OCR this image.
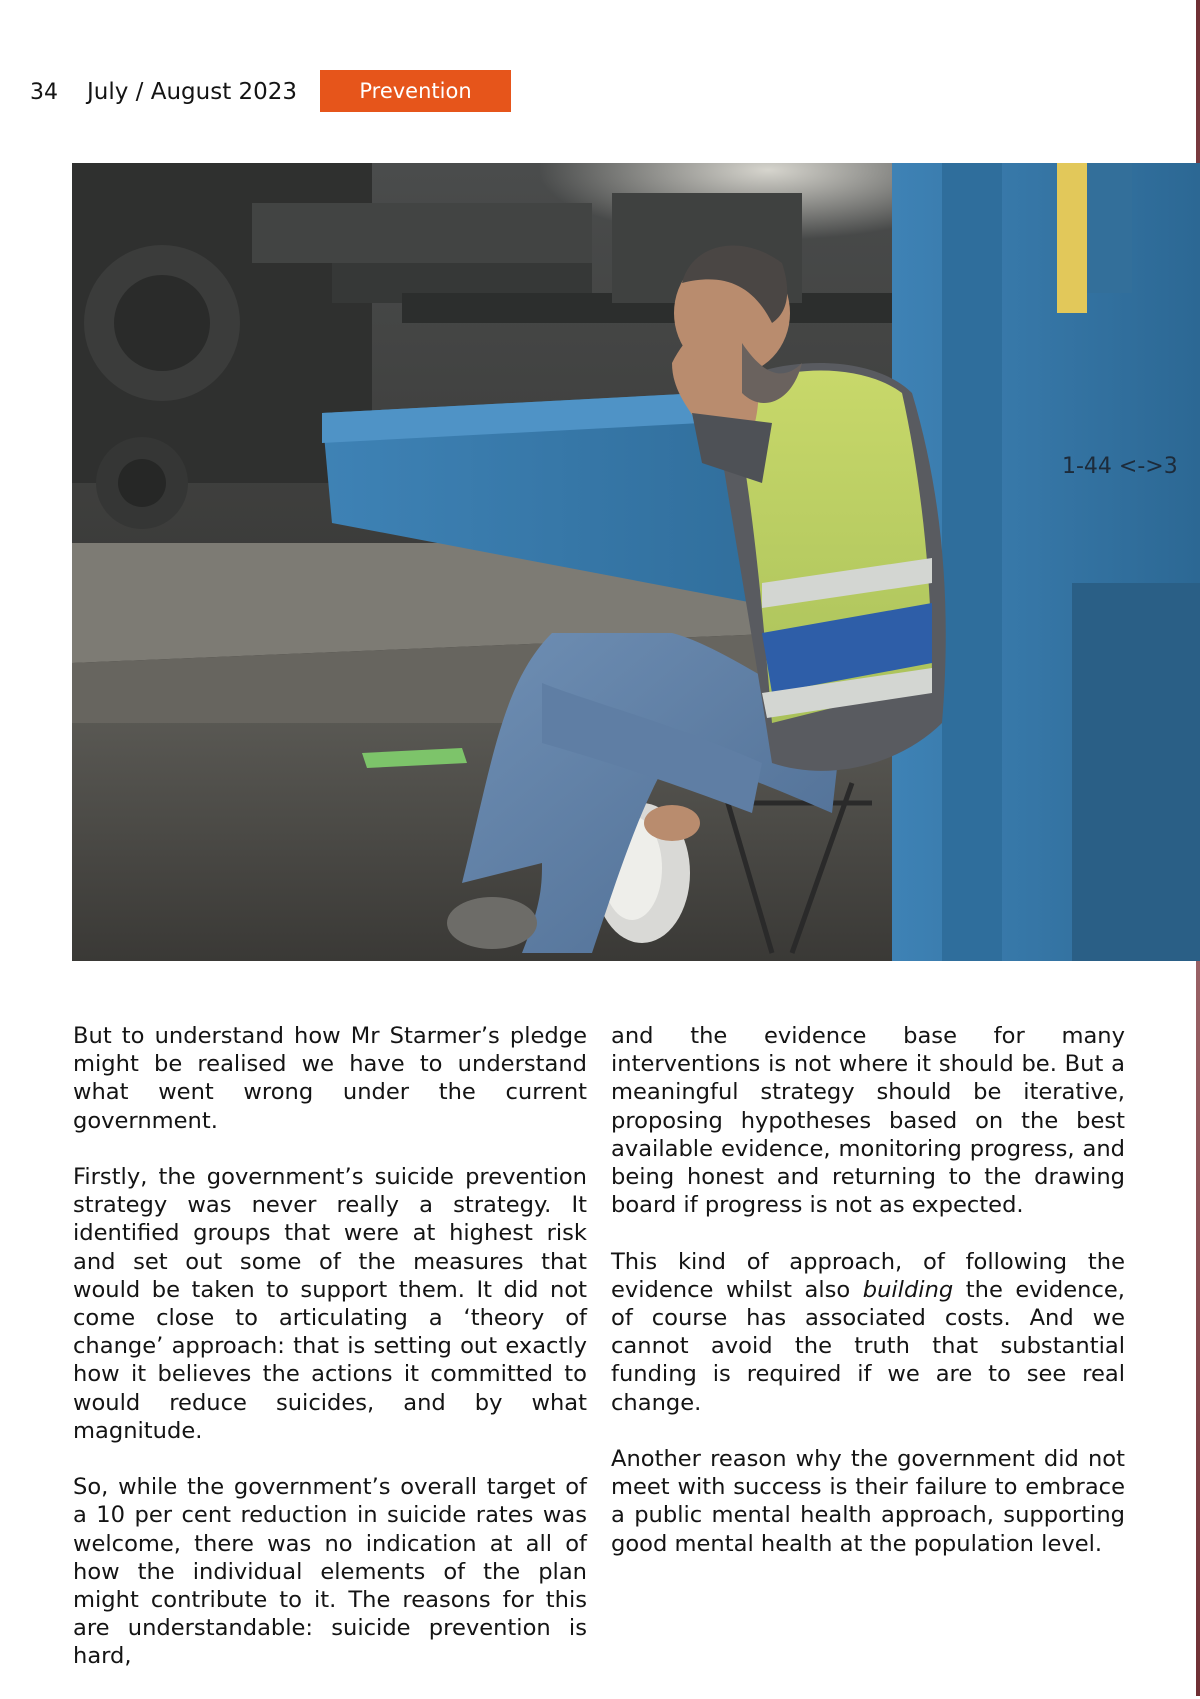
34 July / August 2023	Prevention
1-44 <->3

But to understand how Mr Starmer’s pledge might be realised we have to understand what went wrong under the current government.

Firstly, the government’s suicide prevention strategy was never really a strategy. It identified groups that were at highest risk and set out some of the measures that would be taken to support them. It did not come close to articulating a ‘theory of change’ approach: that is setting out exactly how it believes the actions it committed to would reduce suicides, and by what magnitude.

So, while the government’s overall target of a 10 per cent reduction in suicide rates was welcome, there was no indication at all of how the individual elements of the plan might contribute to it. The reasons for this are understandable: suicide prevention is hard,

and the evidence base for many interventions is not where it should be. But a meaningful strategy should be iterative, proposing hypotheses based on the best available evidence, monitoring progress, and being honest and returning to the drawing board if progress is not as expected.

This kind of approach, of following the evidence whilst also building the evidence, of course has associated costs. And we cannot avoid the truth that substantial funding is required if we are to see real change.

Another reason why the government did not meet with success is their failure to embrace a public mental health approach, supporting good mental health at the population level.
